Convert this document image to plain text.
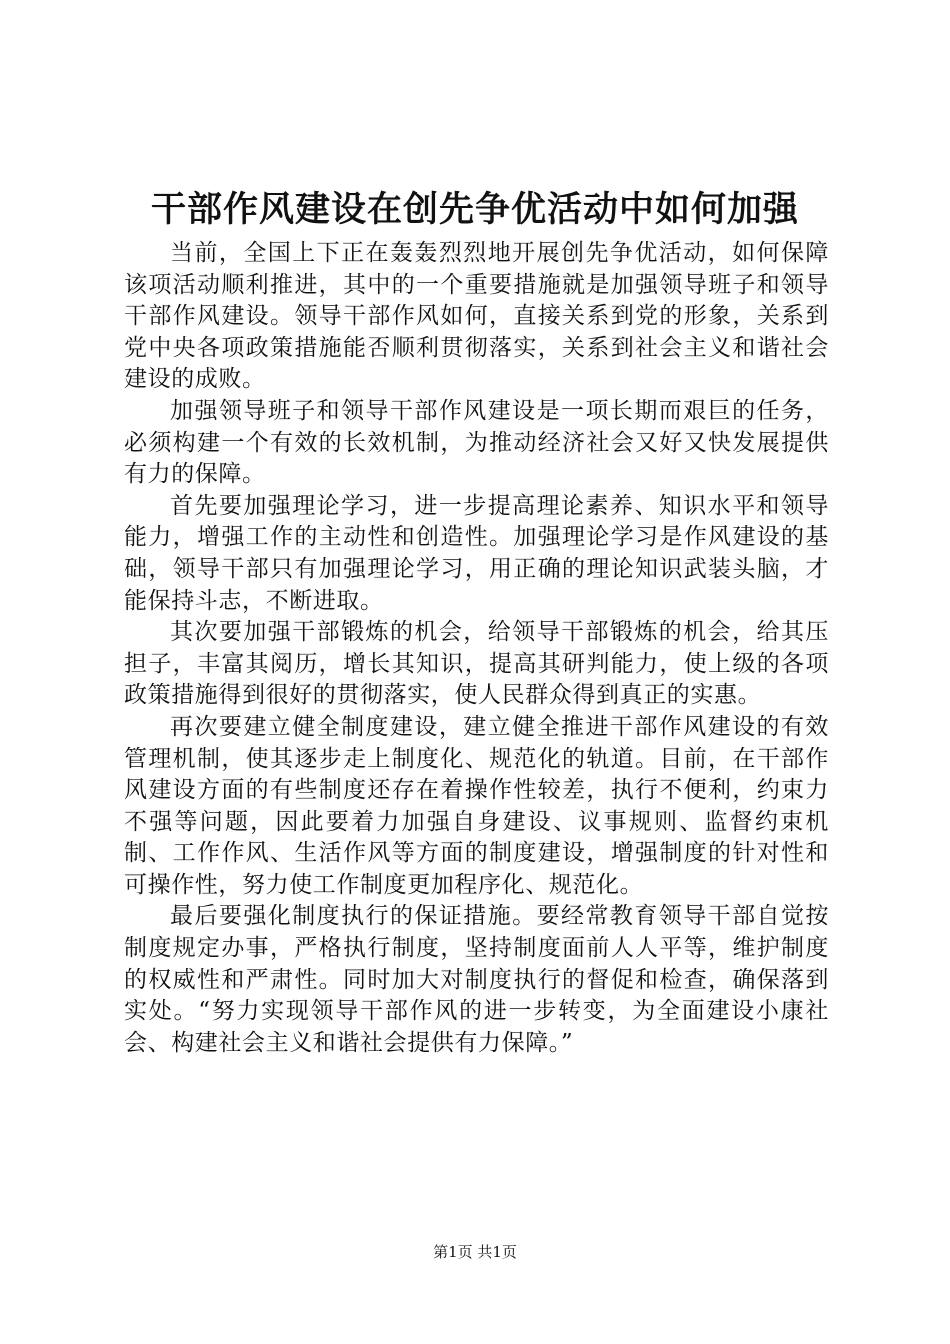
干部作风建设在创先争优活动中如何加强

当前，全国上下正在轰轰烈烈地开展创先争优活动，如何保障该项活动顺利推进，其中的一个重要措施就是加强领导班子和领导干部作风建设。领导干部作风如何，直接关系到党的形象，关系到党中央各项政策措施能否顺利贯彻落实，关系到社会主义和谐社会建设的成败。

加强领导班子和领导干部作风建设是一项长期而艰巨的任务，必须构建一个有效的长效机制，为推动经济社会又好又快发展提供有力的保障。

首先要加强理论学习，进一步提高理论素养、知识水平和领导能力，增强工作的主动性和创造性。加强理论学习是作风建设的基础，领导干部只有加强理论学习，用正确的理论知识武装头脑，才能保持斗志，不断进取。

其次要加强干部锻炼的机会，给领导干部锻炼的机会，给其压担子，丰富其阅历，增长其知识，提高其研判能力，使上级的各项政策措施得到很好的贯彻落实，使人民群众得到真正的实惠。

再次要建立健全制度建设，建立健全推进干部作风建设的有效管理机制，使其逐步走上制度化、规范化的轨道。目前，在干部作风建设方面的有些制度还存在着操作性较差，执行不便利，约束力不强等问题，因此要着力加强自身建设、议事规则、监督约束机制、工作作风、生活作风等方面的制度建设，增强制度的针对性和可操作性，努力使工作制度更加程序化、规范化。

最后要强化制度执行的保证措施。要经常教育领导干部自觉按制度规定办事，严格执行制度，坚持制度面前人人平等，维护制度的权威性和严肃性。同时加大对制度执行的督促和检查，确保落到实处。“努力实现领导干部作风的进一步转变，为全面建设小康社会、构建社会主义和谐社会提供有力保障。”

第1页 共1页
